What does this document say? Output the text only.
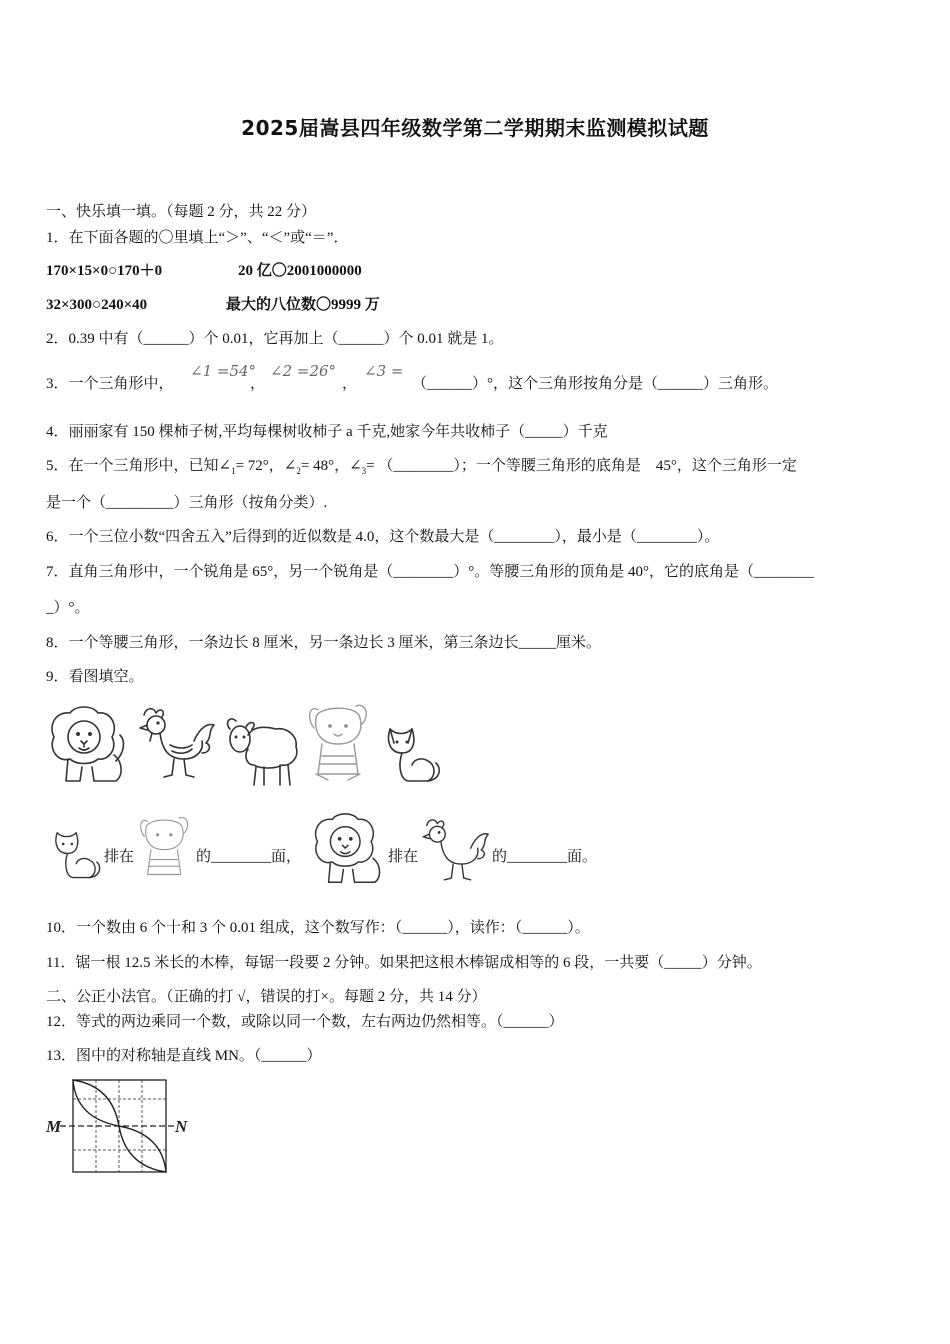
2025届嵩县四年级数学第二学期期末监测模拟试题
一、快乐填一填。（每题 2 分，共 22 分）
1．在下面各题的〇里填上“＞”、“＜”或“＝”．
170×15×0○170＋0	20 亿〇2001000000
32×300○240×40	最大的八位数〇9999 万
2．0.39 中有（______）个 0.01，它再加上（______）个 0.01 就是 1。
3．一个三角形中，
∠1 =54°
，
∠2 =26°
，
∠3 =
（______）°，这个三角形按角分是（______）三角形。
4．丽丽家有 150 棵柿子树,平均每棵树收柿子 a 千克,她家今年共收柿子（_____）千克
5．在一个三角形中，已知$\angle_1= 72^\circ$，$\angle_2= 48^\circ$，$\angle_3=$ （________）；一个等腰三角形的底角是　45°，这个三角形一定
是一个（_________）三角形（按角分类）.
6．一个三位小数“四舍五入”后得到的近似数是 4.0，这个数最大是（________），最小是（________）。
7．直角三角形中，一个锐角是 65°，另一个锐角是（________）°。等腰三角形的顶角是 40°，它的底角是（________
_）°。
8．一个等腰三角形，一条边长 8 厘米，另一条边长 3 厘米，第三条边长_____厘米。
9．看图填空。
排在	的________面，	排在	的________面。
10．一个数由 6 个十和 3 个 0.01 组成，这个数写作：（______），读作：（______）。
11．锯一根 12.5 米长的木棒，每锯一段要 2 分钟。如果把这根木棒锯成相等的 6 段，一共要（_____）分钟。
二、公正小法官。（正确的打 √，错误的打×。每题 2 分，共 14 分）
12．等式的两边乘同一个数，或除以同一个数，左右两边仍然相等。（______）
13．图中的对称轴是直线 MN。（______）
M	N
